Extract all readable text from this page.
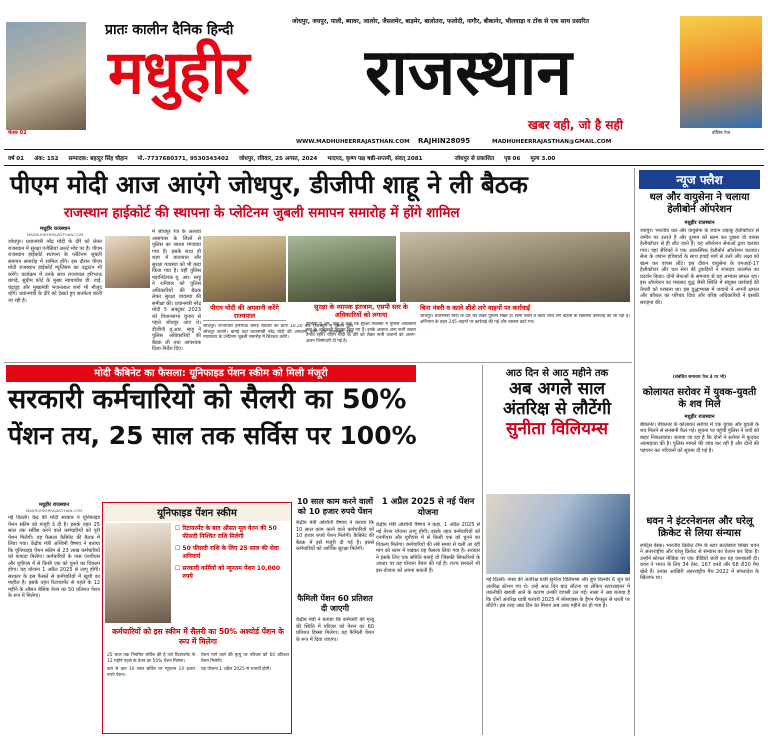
चेतक 02
प्रातः कालीन दैनिक हिन्दी
जोधपुर, जयपुर, पाली, ब्यावर, जालोर, जैसलमेर, बाड़मेर, बालोतरा, फलोदी, नागौर, बीकानेर, भीलवाड़ा व टोंक से एक साथ प्रसारित
मधुहीर राजस्थान
खबर वही, जो है सही
डॉलिन पेज
WWW.MADHUHEERRAJASTHAN.COM RAJHIN28095	MADHUHEERRAJASTHAN@GMAIL.COM
वर्ष 01 अंक: 152 सम्पादक: बहादुर सिंह चौहान मो.-7737680371, 9530343402 जोधपुर, रविवार, 25 अगस्त, 2024 भादपद, कृष्ण पक्ष षष्ठी-सप्तमी, संवत् 2081	जोधपुर से प्रकाशित पृष्ठ 06 मूल्य 3.00
पीएम मोदी आज आएंगे जोधपुर, डीजीपी शाहू ने ली बैठक
राजस्थान हाईकोर्ट की स्थापना के प्लेटिनम जुबली समापन समारोह में होंगे शामिल
मधुहीर राजस्थान
MADHUHEERRAJASTHAN.COM
जोधपुर। प्रधानमंत्री नरेंद्र मोदी के दौरे को लेकर राजस्थान में सुरक्षा एजेंसियां अलर्ट मोड पर हैं। पीएम राजस्थान हाईकोर्ट स्थापना के प्लेटिनम जुबली समापन समारोह में शामिल होंगे। इस दौरान पीएम मोदी राजस्थान हाईकोर्ट म्यूजियम का उद्घाटन भी करेंगे। कार्यक्रम में उनके साथ राज्यपाल हरिभाऊ बागड़े, सुप्रीम कोर्ट के मुख्य न्यायाधीश डी. वाई. चंद्रचूड़ और मुख्यमंत्री भजनलाल शर्मा भी मौजूद रहेंगे। प्रधानमंत्री के दौरे को देखते हुए सतर्कता बरती जा रही है।
में जोधपुर रेंज के अलावा आसपास के जिलों से पुलिस का जाब्ता मंगवाया गया है। इसके साथ ही शहर में यातायात और सुरक्षा व्यवस्था को भी कड़ा किया गया है। वहीं पुलिस महानिदेशक यू. आर. साहू ने शनिवार को पुलिस अधिकारियों की बैठक लेकर सुरक्षा व्यवस्था की समीक्षा की। प्रधानमंत्री नरेंद्र मोदी 5 अक्टूबर 2023 को विधानसभा चुनाव से पहले जोधपुर आए थे। डीजीपी यू.आर. साहू ने पुलिस अधिकारियों की बैठक ली तथा आवश्यक दिशा-निर्देश दिए।
पीएम मोदी की अगवानी करेंगे राज्यपाल
जोधपुर। राज्यपाल हरिभाऊ बागड़े रविवार को प्रातः 10.20 बजे राजभवन से विमान द्वारा जोधपुर जाएंगे। बागड़े वहां प्रधानमंत्री नरेंद्र मोदी की अगवानी करेंगे और राजस्थान उच्च न्यायालय के प्लेटिनम जुबली समारोह में शिरकत करेंगे।
सुरक्षा के व्यापक इंतजाम, एसपी स्तर के अधिकारियों को लगाया
डीजीपी यू.आर. साहू ने कहा कि सुरक्षा व्यवस्था में पुलिस अधिकारी स्तर के अधिकारी नियुक्त किए गए हैं। इनके अलावा अन्य सभी जवान तैनात रहेंगे। पीएम मोदी के दौरे को लेकर सभी जवानों को अलग-अलग जिम्मेदारी दी गई है।
बिना नंबरी व काले शीशे लगे वाहनों पर कार्रवाई
जोधपुर। प्रधानमंत्री मोदी के दौरे को लेकर पुलिस सख्त है। बिना नंबरी व काले शीशे लगे वाहनों के खिलाफ कार्रवाई की जा रही है। अभियान के तहत 245 वाहनों पर कार्रवाई की गई और चालान काटे गए।
न्यूज फ्लैश
थल और वायुसेना ने चलाया हेलीबोर्न ऑपरेशन
मधुहीर राजस्थान
जयपुर। भारतीय थल और वायुसेना के जवान लड़ाकू हेलीकॉप्टर से जमीन पर उतरते हैं और दुश्मन को खत्म कर दुबारा वो वापस हेलीकॉप्टर से ही लौट जाते हैं। यह ऑपरेशन सेनाओं द्वारा चलाया गया। वहां सैनिकों ने एक आकस्मिक हेलीबोर्न ऑपरेशन चलाया। सेना के जवान हथियारों के साथ हवाई मार्ग से उतरे और लक्ष्य को खत्म कर वापस लौटे। इस दौरान वायुसेना के एमआई-17 हेलीकॉप्टर और थल सेना की टुकड़ियों ने शानदार तालमेल का प्रदर्शन किया। दोनों सेनाओं के समन्वय से यह अभ्यास सफल रहा। इस ऑपरेशन का मकसद युद्ध जैसी स्थिति में संयुक्त कार्रवाई की तैयारी को परखना था। इस युद्धाभ्यास में जवानों ने अपनी क्षमता और कौशल का परिचय दिया और वरिष्ठ अधिकारियों ने इसकी सराहना की।
(संबंधित समाचार पेज 4 पर भी)
कोलायत सरोवर में युवक-युवती के शव मिले
मधुहीर राजस्थान
बीकानेर। बीकानेर के कोलायत सरोवर में एक युवक और युवती के शव मिलने से सनसनी फैल गई। सूचना पर पहुंची पुलिस ने शवों को बाहर निकलवाया। बताया जा रहा है कि दोनों ने सरोवर में कूदकर आत्महत्या की है। पुलिस मामले की जांच कर रही है और दोनों की पहचान कर परिजनों को सूचना दी गई है।
धवन ने इंटरनेशनल और घरेलू क्रिकेट से लिया संन्यास
स्पोर्ट्स डेस्क। भारतीय क्रिकेट टीम के स्टार बल्लेबाज शिखर धवन ने अंतरराष्ट्रीय और घरेलू क्रिकेट से संन्यास का ऐलान कर दिया है। उन्होंने सोशल मीडिया पर एक वीडियो जारी कर यह जानकारी दी। धवन ने भारत के लिए 34 टेस्ट, 167 वनडे और 68 टी20 मैच खेले हैं। उनका आखिरी अंतरराष्ट्रीय मैच 2022 में बांग्लादेश के खिलाफ था।
मोदी कैबिनेट का फैसला: यूनिफाइड पेंशन स्कीम को मिली मंजूरी
सरकारी कर्मचारियों को सैलरी का 50%
पेंशन तय, 25 साल तक सर्विस पर 100%
मधुहीर राजस्थान
MADHUHEERRAJASTHAN.COM
नई दिल्ली। केंद्र की मोदी सरकार ने यूनिफाइड पेंशन स्कीम को मंजूरी दे दी है। इसके तहत 25 साल तक सर्विस करने वाले कर्मचारियों को पूरी पेंशन मिलेगी। यह फैसला कैबिनेट की बैठक में लिया गया। केंद्रीय मंत्री अश्विनी वैष्णव ने बताया कि यूनिफाइड पेंशन स्कीम से 23 लाख कर्मचारियों को फायदा मिलेगा। कर्मचारियों के पास एनपीएस और यूपीएस में से किसी एक को चुनने का विकल्प होगा। यह योजना 1 अप्रैल 2025 से लागू होगी। सरकार के इस फैसले से कर्मचारियों में खुशी का माहौल है। इसके तहत रिटायरमेंट से पहले के 12 महीने के औसत बेसिक वेतन का 50 प्रतिशत पेंशन के रूप में मिलेगा।
यूनिफाइड पेंशन स्कीम
☐ रिटायरमेंट के बाद औसत मूल वेतन की 50 फीसदी निश्चित राशि मिलेगी
☐ 50 फीसदी राशि के लिए 25 साल की सेवा अनिवार्य
☐ सरकारी कर्मियों को न्यूनतम पेंशन 10,000 रुपये
कर्मचारियों को इस स्कीम में सैलरी का 50% अश्योर्ड पेंशन के रूप में मिलेगा
25 साल तक नियमित सर्विस की है उसे रिटायरमेंट से 12 महीने पहले के वेतन का 50% पेंशन मिलेगा।
पेंशन पाने वाले की मृत्यु पर परिवार को 60 प्रतिशत पेंशन मिलेगी।
कम से कम 10 साल सर्विस पर न्यूनतम 10 हजार रुपये पेंशन।
यह योजना 1 अप्रैल 2025 से प्रभावी होगी।
10 साल काम करने वालों को 10 हजार रुपये पेंशन
केंद्रीय मंत्री अश्विनी वैष्णव ने बताया कि 10 साल काम करने वाले कर्मचारियों को 10 हजार रुपये पेंशन मिलेगी। कैबिनेट की बैठक में इसे मंजूरी दी गई है। इससे कर्मचारियों को आर्थिक सुरक्षा मिलेगी।
फैमिली पेंशन 60 प्रतिशत दी जाएगी
केंद्रीय मंत्री ने बताया कि कर्मचारी की मृत्यु की स्थिति में परिवार को पेंशन का 60 प्रतिशत हिस्सा मिलेगा। यह फैमिली पेंशन के रूप में दिया जाएगा।
1 अप्रैल 2025 से नई पेंशन योजना
केंद्रीय मंत्री अश्विनी वैष्णव ने कहा, 1 अप्रैल 2025 से नई पेंशन योजना लागू होगी। इसके तहत कर्मचारियों को एनपीएस और यूपीएस में से किसी एक को चुनने का विकल्प मिलेगा। कर्मचारियों की लंबे समय से चली आ रही मांग को ध्यान में रखकर यह फैसला लिया गया है। सरकार ने इसके लिए एक समिति बनाई थी जिसकी सिफारिशों के आधार पर यह योजना तैयार की गई है। राज्य सरकारें भी इस योजना को अपना सकती हैं।
आठ दिन से आठ महीने तक
अब अगले साल
अंतरिक्ष से लौटेंगी
सुनीता विलियम्स
नई दिल्ली। नासा की अंतरिक्ष यात्री सुनीता विलियम्स और बुच विल्मोर 6 जून को अंतरिक्ष स्टेशन गए थे। उन्हें आठ दिन बाद लौटना था लेकिन स्टारलाइनर में तकनीकी खराबी आने के कारण उनकी वापसी टल गई। नासा ने अब बताया है कि दोनों अंतरिक्ष यात्री फरवरी 2025 में स्पेसएक्स के ड्रैगन कैप्सूल से धरती पर लौटेंगे। इस तरह आठ दिन का मिशन अब आठ महीने का हो गया है।
